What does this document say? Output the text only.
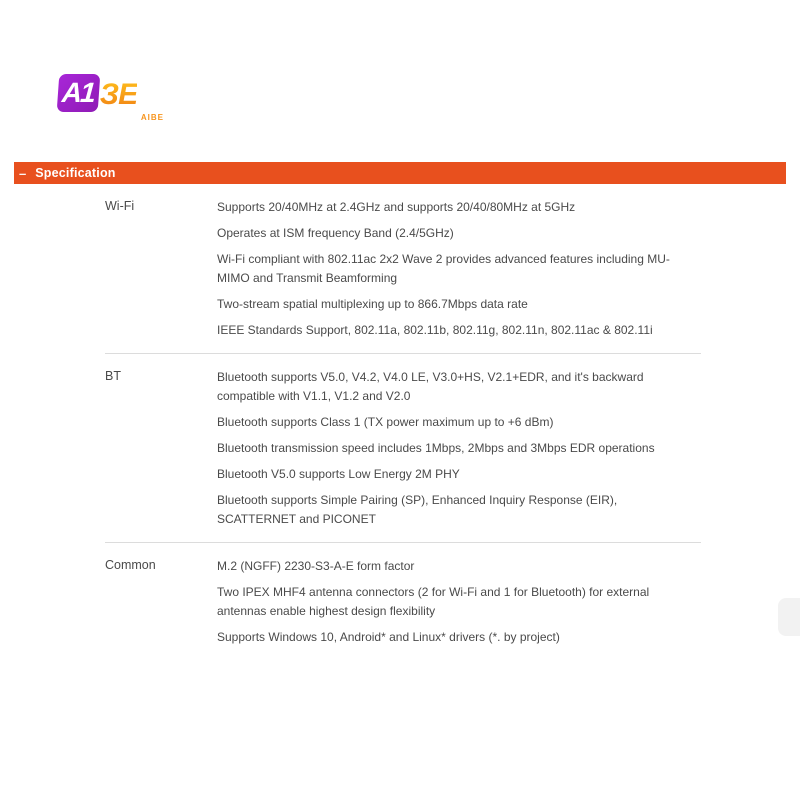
A1 ЗE
AIBE
– Specification
Wi-Fi	Supports 20/40MHz at 2.4GHz and supports 20/40/80MHz at 5GHz

Operates at ISM frequency Band (2.4/5GHz)

Wi-Fi compliant with 802.11ac 2x2 Wave 2 provides advanced features including MU-MIMO and Transmit Beamforming

Two-stream spatial multiplexing up to 866.7Mbps data rate

IEEE Standards Support, 802.11a, 802.11b, 802.11g, 802.11n, 802.11ac & 802.11i

BT	Bluetooth supports V5.0, V4.2, V4.0 LE, V3.0+HS, V2.1+EDR, and it's backward compatible with V1.1, V1.2 and V2.0

Bluetooth supports Class 1 (TX power maximum up to +6 dBm)

Bluetooth transmission speed includes 1Mbps, 2Mbps and 3Mbps EDR operations

Bluetooth V5.0 supports Low Energy 2M PHY

Bluetooth supports Simple Pairing (SP), Enhanced Inquiry Response (EIR), SCATTERNET and PICONET

Common	M.2 (NGFF) 2230-S3-A-E form factor

Two IPEX MHF4 antenna connectors (2 for Wi-Fi and 1 for Bluetooth) for external antennas enable highest design flexibility

Supports Windows 10, Android* and Linux* drivers (*. by project)
